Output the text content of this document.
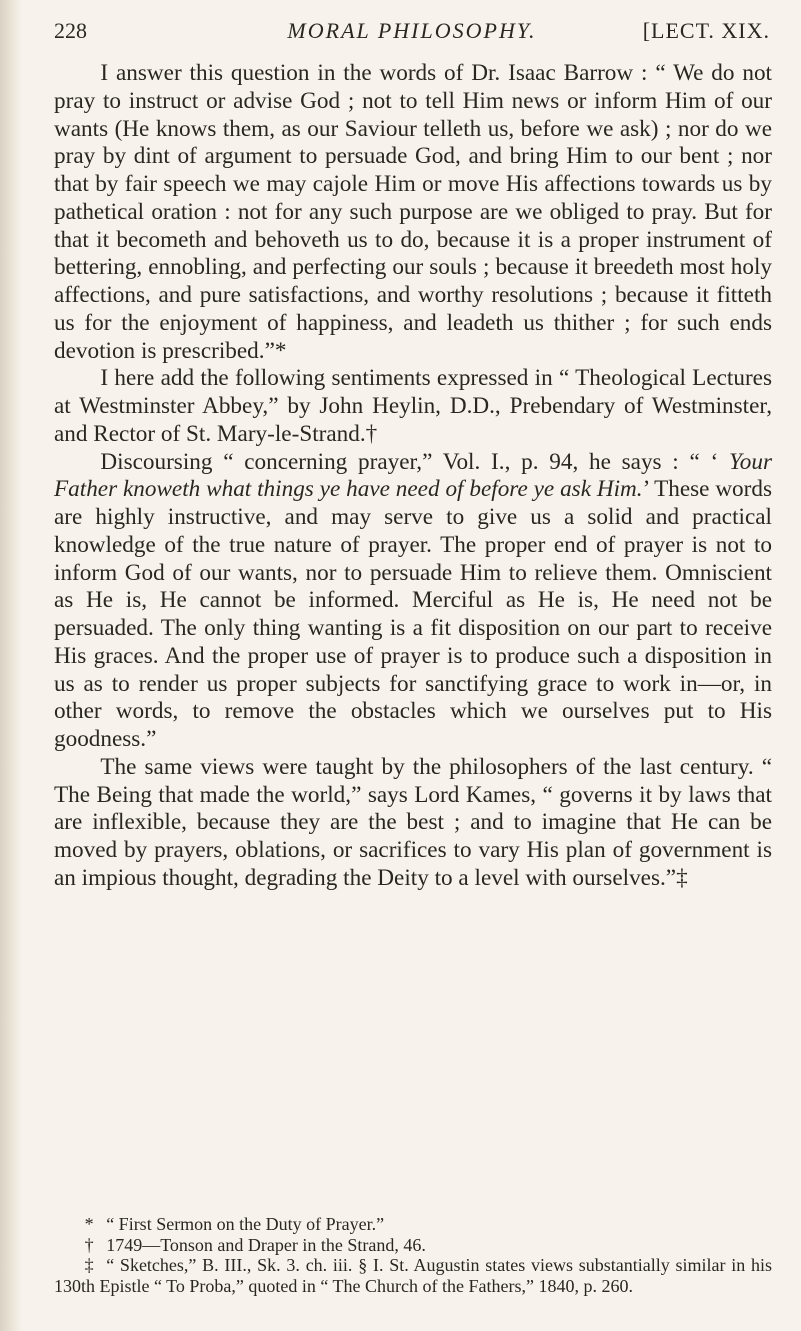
228	MORAL PHILOSOPHY.	[LECT. XIX.

I answer this question in the words of Dr. Isaac Barrow : “ We do not pray to instruct or advise God ; not to tell Him news or inform Him of our wants (He knows them, as our Saviour telleth us, before we ask) ; nor do we pray by dint of argument to persuade God, and bring Him to our bent ; nor that by fair speech we may cajole Him or move His affections towards us by pathetical oration : not for any such purpose are we obliged to pray. But for that it becometh and behoveth us to do, because it is a proper instrument of bettering, ennobling, and perfecting our souls ; because it breedeth most holy affections, and pure satisfactions, and worthy resolutions ; because it fitteth us for the enjoyment of happiness, and leadeth us thither ; for such ends devotion is prescribed.”*

I here add the following sentiments expressed in “ Theological Lectures at Westminster Abbey,” by John Heylin, D.D., Prebendary of Westminster, and Rector of St. Mary-le-Strand.†

Discoursing “ concerning prayer,” Vol. I., p. 94, he says : “ ‘ Your Father knoweth what things ye have need of before ye ask Him.’ These words are highly instructive, and may serve to give us a solid and practical knowledge of the true nature of prayer. The proper end of prayer is not to inform God of our wants, nor to persuade Him to relieve them. Omniscient as He is, He cannot be informed. Merciful as He is, He need not be persuaded. The only thing wanting is a fit disposition on our part to receive His graces. And the proper use of prayer is to produce such a disposition in us as to render us proper subjects for sanctifying grace to work in—or, in other words, to remove the obstacles which we ourselves put to His goodness.”

The same views were taught by the philosophers of the last century. “ The Being that made the world,” says Lord Kames, “ governs it by laws that are inflexible, because they are the best ; and to imagine that He can be moved by prayers, oblations, or sacrifices to vary His plan of government is an impious thought, degrading the Deity to a level with ourselves.”‡

* “ First Sermon on the Duty of Prayer.”

† 1749—Tonson and Draper in the Strand, 46.

‡ “ Sketches,” B. III., Sk. 3. ch. iii. § I. St. Augustin states views substantially similar in his 130th Epistle “ To Proba,” quoted in “ The Church of the Fathers,” 1840, p. 260.
